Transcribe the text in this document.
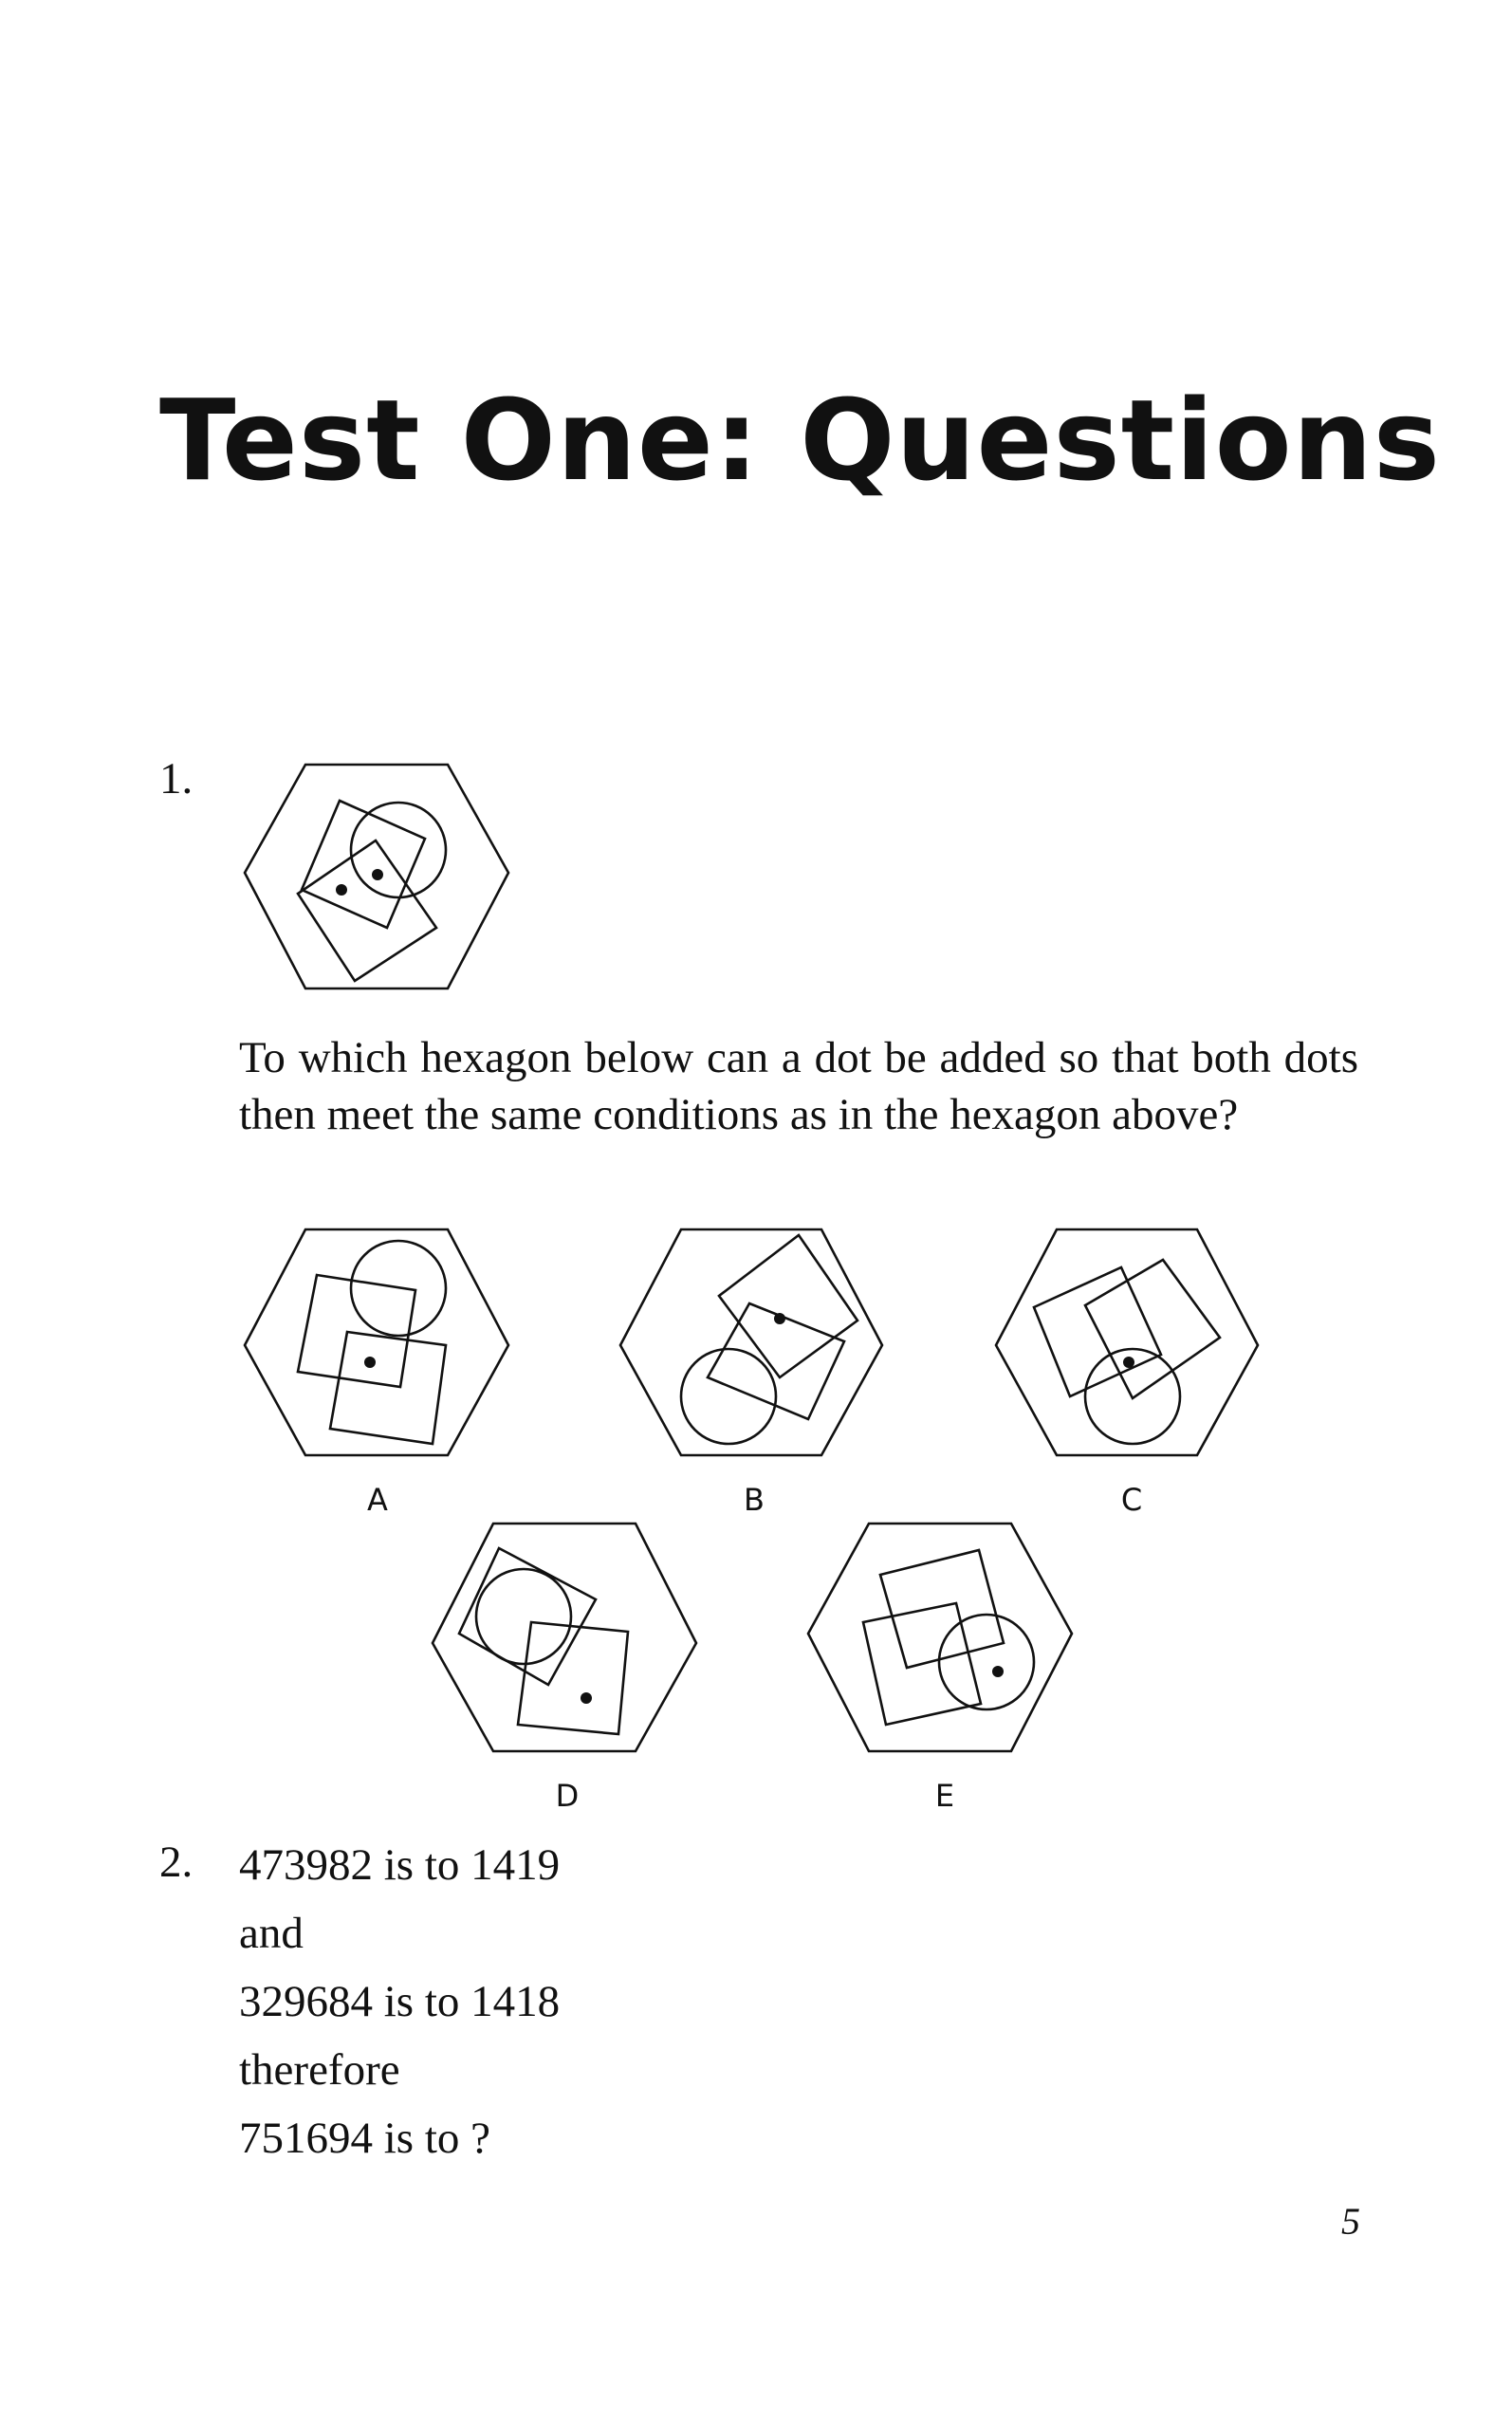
Test One: Questions
1.

To which hexagon below can a dot be added so that both dots then meet the same conditions as in the hexagon above?

A	B	C
D	E
2. 473982 is to 1419
and
329684 is to 1418
therefore
751694 is to ?
5
